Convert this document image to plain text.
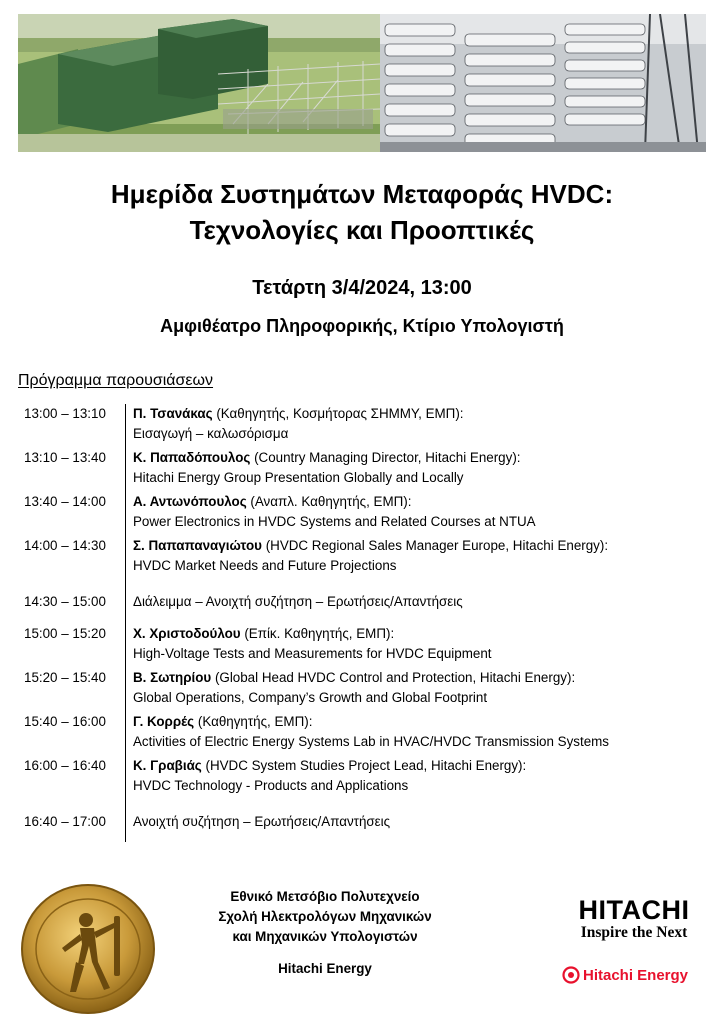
Ημερίδα Συστημάτων Μεταφοράς HVDC:
Τεχνολογίες και Προοπτικές
Τετάρτη 3/4/2024, 13:00
Αμφιθέατρο Πληροφορικής, Κτίριο Υπολογιστή
Πρόγραμμα παρουσιάσεων
13:00 – 13:10	Π. Τσανάκας (Καθηγητής, Κοσμήτορας ΣΗΜΜΥ, ΕΜΠ):
Εισαγωγή – καλωσόρισμα
13:10 – 13:40	Κ. Παπαδόπουλος (Country Managing Director, Hitachi Energy):
Hitachi Energy Group Presentation Globally and Locally
13:40 – 14:00	Α. Αντωνόπουλος (Αναπλ. Καθηγητής, ΕΜΠ):
Power Electronics in HVDC Systems and Related Courses at NTUA
14:00 – 14:30	Σ. Παπαπαναγιώτου (HVDC Regional Sales Manager Europe, Hitachi Energy):
HVDC Market Needs and Future Projections
14:30 – 15:00	Διάλειμμα – Ανοιχτή συζήτηση – Ερωτήσεις/Απαντήσεις
15:00 – 15:20	Χ. Χριστοδούλου (Επίκ. Καθηγητής, ΕΜΠ):
High-Voltage Tests and Measurements for HVDC Equipment
15:20 – 15:40	Β. Σωτηρίου (Global Head HVDC Control and Protection, Hitachi Energy):
Global Operations, Company’s Growth and Global Footprint
15:40 – 16:00	Γ. Κορρές (Καθηγητής, ΕΜΠ):
Activities of Electric Energy Systems Lab in HVAC/HVDC Transmission Systems
16:00 – 16:40	Κ. Γραβιάς (HVDC System Studies Project Lead, Hitachi Energy):
HVDC Technology - Products and Applications
16:40 – 17:00	Ανοιχτή συζήτηση – Ερωτήσεις/Απαντήσεις
Εθνικό Μετσόβιο Πολυτεχνείο
Σχολή Ηλεκτρολόγων Μηχανικών
και Μηχανικών Υπολογιστών
Hitachi Energy
HITACHI
Inspire the Next
Hitachi Energy
